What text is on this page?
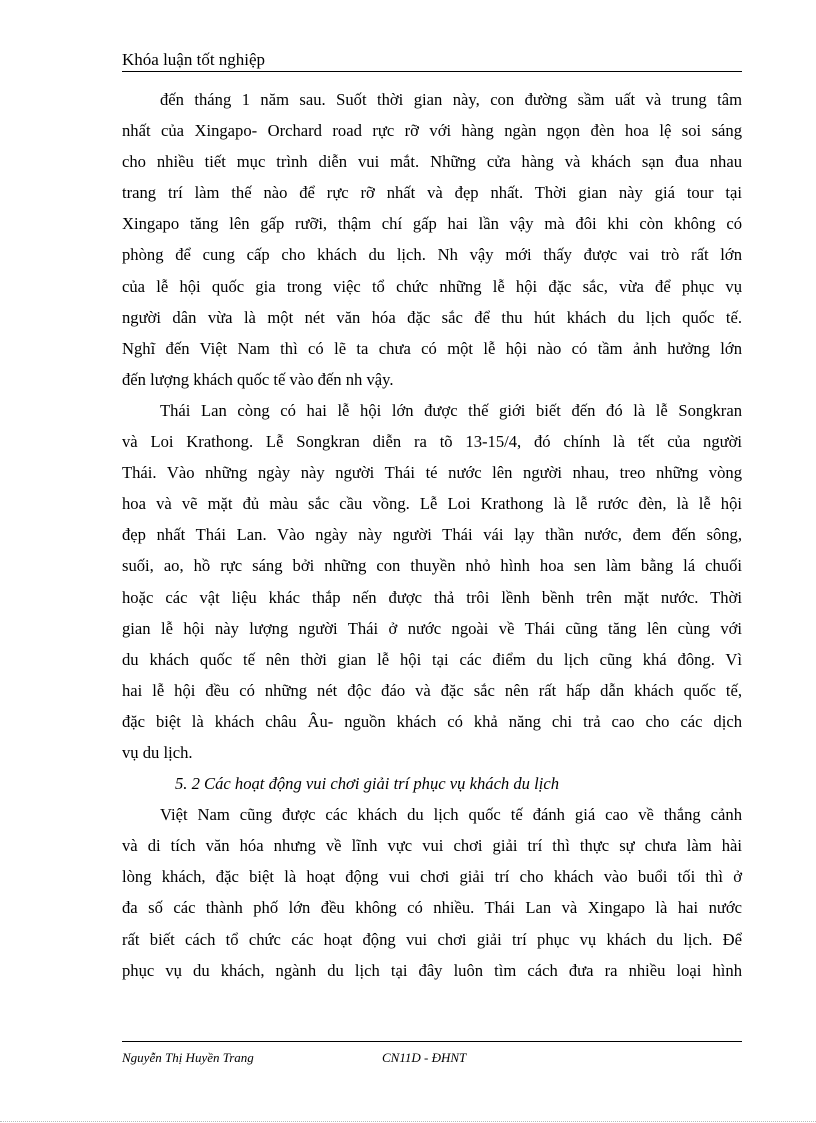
Khóa luận tốt nghiệp
đến tháng 1 năm sau. Suốt thời gian này, con đường sầm uất và trung tâm
nhất của Xingapo- Orchard road rực rỡ với hàng ngàn ngọn đèn hoa lệ soi sáng
cho nhiều tiết mục trình diễn vui mắt. Những cửa hàng và khách sạn đua nhau
trang trí làm thế nào để rực rỡ nhất và đẹp nhất. Thời gian này giá tour tại
Xingapo tăng lên gấp rưỡi, thậm chí gấp hai lần vậy mà đôi khi còn không có
phòng để cung cấp cho khách du lịch. Nh vậy mới thấy được vai trò rất lớn
của lễ hội quốc gia trong việc tổ chức những lễ hội đặc sắc, vừa để phục vụ
người dân vừa là một nét văn hóa đặc sắc để thu hút khách du lịch quốc tế.
Nghĩ đến Việt Nam thì có lẽ ta chưa có một lễ hội nào có tầm ảnh hưởng lớn
đến lượng khách quốc tế vào đến nh vậy.
Thái Lan còng có hai lễ hội lớn được thế giới biết đến đó là lễ Songkran
và Loi Krathong. Lễ Songkran diễn ra tõ 13-15/4, đó chính là tết của người
Thái. Vào những ngày này người Thái té nước lên người nhau, treo những vòng
hoa và vẽ mặt đủ màu sắc cầu vồng. Lễ Loi Krathong là lễ rước đèn, là lễ hội
đẹp nhất Thái Lan. Vào ngày này người Thái vái lạy thần nước, đem đến sông,
suối, ao, hồ rực sáng bởi những con thuyền nhỏ hình hoa sen làm bằng lá chuối
hoặc các vật liệu khác thắp nến được thả trôi lềnh bềnh trên mặt nước. Thời
gian lễ hội này lượng người Thái ở nước ngoài về Thái cũng tăng lên cùng với
du khách quốc tế nên thời gian lễ hội tại các điểm du lịch cũng khá đông. Vì
hai lễ hội đều có những nét độc đáo và đặc sắc nên rất hấp dẫn khách quốc tế,
đặc biệt là khách châu Âu- nguồn khách có khả năng chi trả cao cho các dịch
vụ du lịch.
5. 2 Các hoạt động vui chơi giải trí phục vụ khách du lịch
Việt Nam cũng được các khách du lịch quốc tế đánh giá cao về thắng cảnh
và di tích văn hóa nhưng về lĩnh vực vui chơi giải trí thì thực sự chưa làm hài
lòng khách, đặc biệt là hoạt động vui chơi giải trí cho khách vào buổi tối thì ở
đa số các thành phố lớn đều không có nhiều. Thái Lan và Xingapo là hai nước
rất biết cách tổ chức các hoạt động vui chơi giải trí phục vụ khách du lịch. Để
phục vụ du khách, ngành du lịch tại đây luôn tìm cách đưa ra nhiều loại hình
Nguyễn Thị Huyền Trang	CN11D - ĐHNT
